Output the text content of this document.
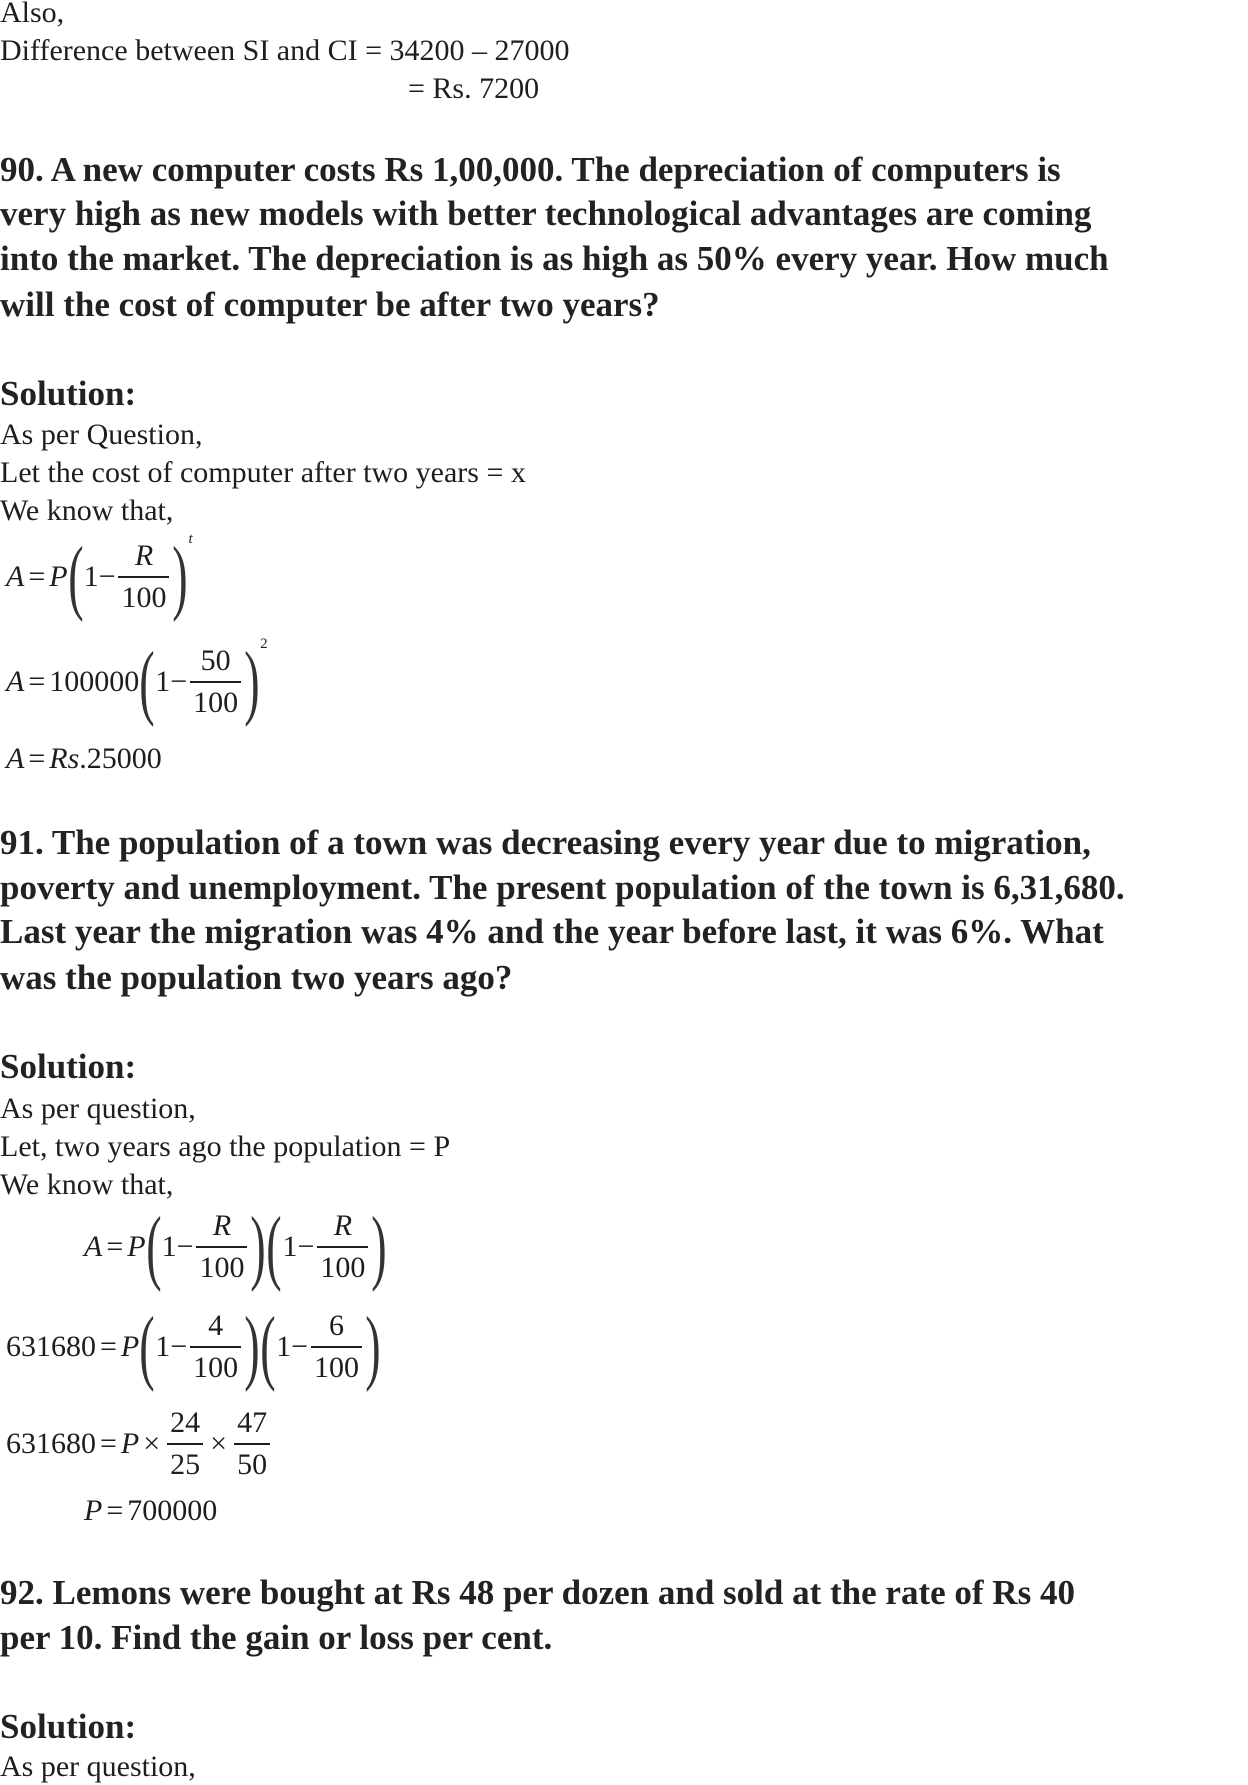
Also,
Difference between SI and CI = 34200 – 27000
= Rs. 7200
90. A new computer costs Rs 1,00,000. The depreciation of computers is
very high as new models with better technological advantages are coming
into the market. The depreciation is as high as 50% every year. How much
will the cost of computer be after two years?
Solution:
As per Question,
Let the cost of computer after two years = x
We know that,
A = P ( $1- \frac{R}{100}$ ) t
A = 100000 ( $1- \frac{50}{100}$ ) 2
A = Rs .25000
91. The population of a town was decreasing every year due to migration,
poverty and unemployment. The present population of the town is 6,31,680.
Last year the migration was 4% and the year before last, it was 6%. What
was the population two years ago?
Solution:
As per question,
Let, two years ago the population = P
We know that,
A = P ( $1- \frac{R}{100}$ ) ( $1- \frac{R}{100}$ )
631680 = P ( $1- \frac{4}{100}$ ) ( $1- \frac{6}{100}$ )
$631680 = P \times \frac{24}{25} \times \frac{47}{50}$
P = 700000
92. Lemons were bought at Rs 48 per dozen and sold at the rate of Rs 40
per 10. Find the gain or loss per cent.
Solution:
As per question,
